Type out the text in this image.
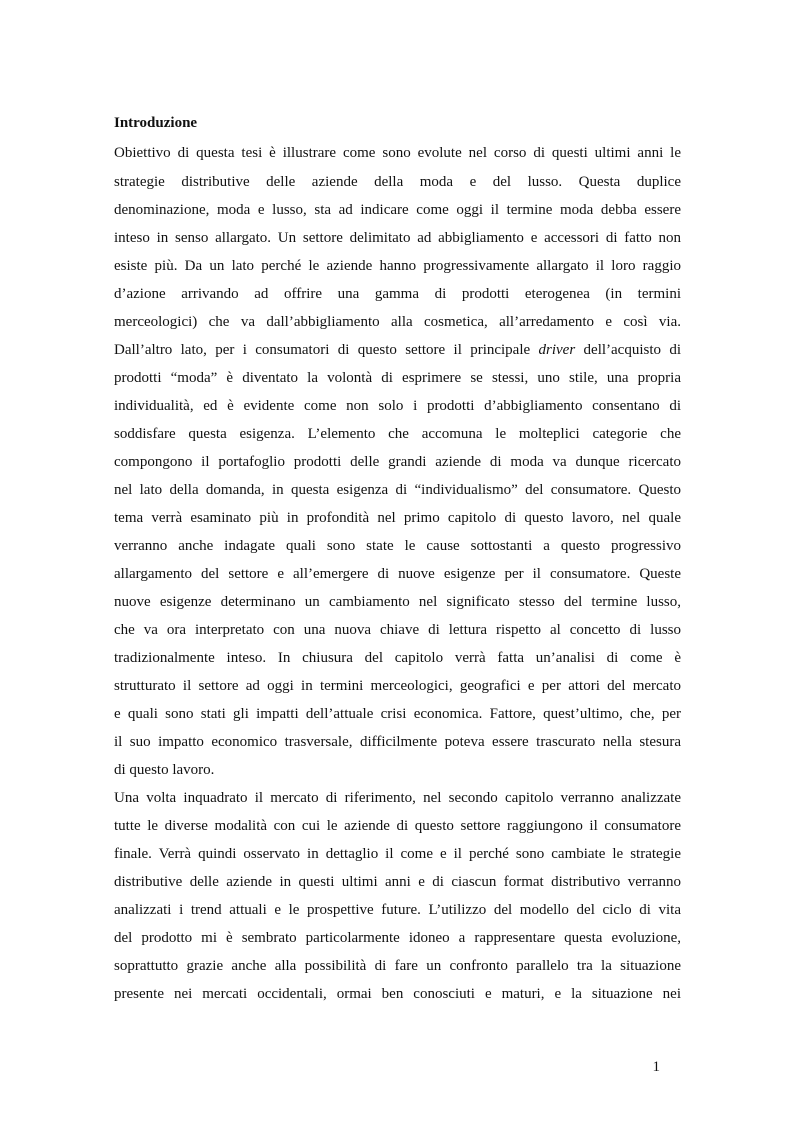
Introduzione
Obiettivo di questa tesi è illustrare come sono evolute nel corso di questi ultimi anni le
strategie distributive delle aziende della moda e del lusso. Questa duplice
denominazione, moda e lusso, sta ad indicare come oggi il termine moda debba essere
inteso in senso allargato. Un settore delimitato ad abbigliamento e accessori di fatto non
esiste più. Da un lato perché le aziende hanno progressivamente allargato il loro raggio
d’azione arrivando ad offrire una gamma di prodotti eterogenea (in termini
merceologici) che va dall’abbigliamento alla cosmetica, all’arredamento e così via.
Dall’altro lato, per i consumatori di questo settore il principale driver dell’acquisto di
prodotti “moda” è diventato la volontà di esprimere se stessi, uno stile, una propria
individualità, ed è evidente come non solo i prodotti d’abbigliamento consentano di
soddisfare questa esigenza. L’elemento che accomuna le molteplici categorie che
compongono il portafoglio prodotti delle grandi aziende di moda va dunque ricercato
nel lato della domanda, in questa esigenza di “individualismo” del consumatore. Questo
tema verrà esaminato più in profondità nel primo capitolo di questo lavoro, nel quale
verranno anche indagate quali sono state le cause sottostanti a questo progressivo
allargamento del settore e all’emergere di nuove esigenze per il consumatore. Queste
nuove esigenze determinano un cambiamento nel significato stesso del termine lusso,
che va ora interpretato con una nuova chiave di lettura rispetto al concetto di lusso
tradizionalmente inteso. In chiusura del capitolo verrà fatta un’analisi di come è
strutturato il settore ad oggi in termini merceologici, geografici e per attori del mercato
e quali sono stati gli impatti dell’attuale crisi economica. Fattore, quest’ultimo, che, per
il suo impatto economico trasversale, difficilmente poteva essere trascurato nella stesura
di questo lavoro.
Una volta inquadrato il mercato di riferimento, nel secondo capitolo verranno analizzate
tutte le diverse modalità con cui le aziende di questo settore raggiungono il consumatore
finale. Verrà quindi osservato in dettaglio il come e il perché sono cambiate le strategie
distributive delle aziende in questi ultimi anni e di ciascun format distributivo verranno
analizzati i trend attuali e le prospettive future. L’utilizzo del modello del ciclo di vita
del prodotto mi è sembrato particolarmente idoneo a rappresentare questa evoluzione,
soprattutto grazie anche alla possibilità di fare un confronto parallelo tra la situazione
presente nei mercati occidentali, ormai ben conosciuti e maturi, e la situazione nei
1
